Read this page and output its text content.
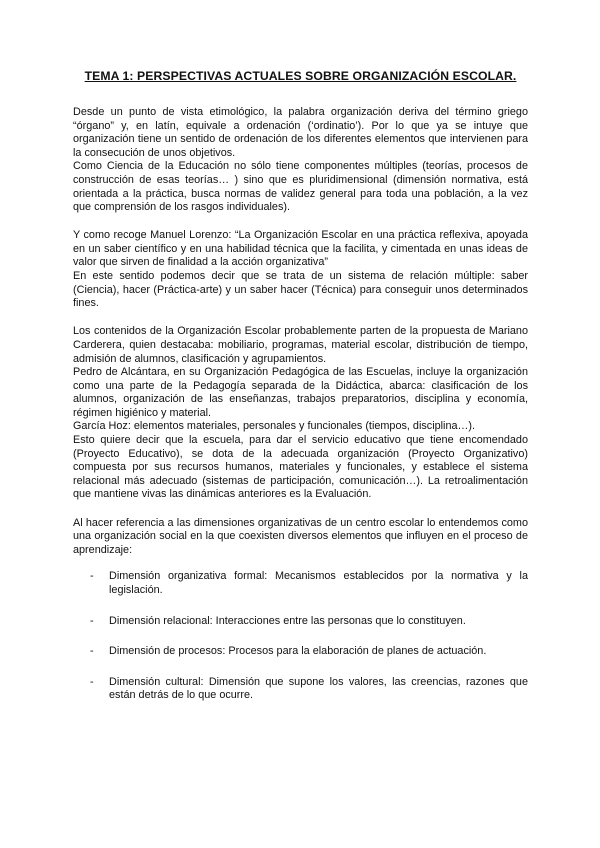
TEMA 1: PERSPECTIVAS ACTUALES SOBRE ORGANIZACIÓN ESCOLAR.

Desde un punto de vista etimológico, la palabra organización deriva del término griego “órgano” y, en latín, equivale a ordenación (‘ordinatio’). Por lo que ya se intuye que organización tiene un sentido de ordenación de los diferentes elementos que intervienen para la consecución de unos objetivos.

Como Ciencia de la Educación no sólo tiene componentes múltiples (teorías, procesos de construcción de esas teorías… ) sino que es pluridimensional (dimensión normativa, está orientada a la práctica, busca normas de validez general para toda una población, a la vez que comprensión de los rasgos individuales).

Y como recoge Manuel Lorenzo: “La Organización Escolar en una práctica reflexiva, apoyada en un saber científico y en una habilidad técnica que la facilita, y cimentada en unas ideas de valor que sirven de finalidad a la acción organizativa”

En este sentido podemos decir que se trata de un sistema de relación múltiple: saber (Ciencia), hacer (Práctica-arte) y un saber hacer (Técnica) para conseguir unos determinados fines.

Los contenidos de la Organización Escolar probablemente parten de la propuesta de Mariano Carderera, quien destacaba: mobiliario, programas, material escolar, distribución de tiempo, admisión de alumnos, clasificación y agrupamientos.

Pedro de Alcántara, en su Organización Pedagógica de las Escuelas, incluye la organización como una parte de la Pedagogía separada de la Didáctica, abarca: clasificación de los alumnos, organización de las enseñanzas, trabajos preparatorios, disciplina y economía, régimen higiénico y material.

García Hoz: elementos materiales, personales y funcionales (tiempos, disciplina…).

Esto quiere decir que la escuela, para dar el servicio educativo que tiene encomendado (Proyecto Educativo), se dota de la adecuada organización (Proyecto Organizativo) compuesta por sus recursos humanos, materiales y funcionales, y establece el sistema relacional más adecuado (sistemas de participación, comunicación…). La retroalimentación que mantiene vivas las dinámicas anteriores es la Evaluación.

Al hacer referencia a las dimensiones organizativas de un centro escolar lo entendemos como una organización social en la que coexisten diversos elementos que influyen en el proceso de aprendizaje:

- Dimensión organizativa formal: Mecanismos establecidos por la normativa y la legislación.
- Dimensión relacional: Interacciones entre las personas que lo constituyen.
- Dimensión de procesos: Procesos para la elaboración de planes de actuación.
- Dimensión cultural: Dimensión que supone los valores, las creencias, razones que están detrás de lo que ocurre.
